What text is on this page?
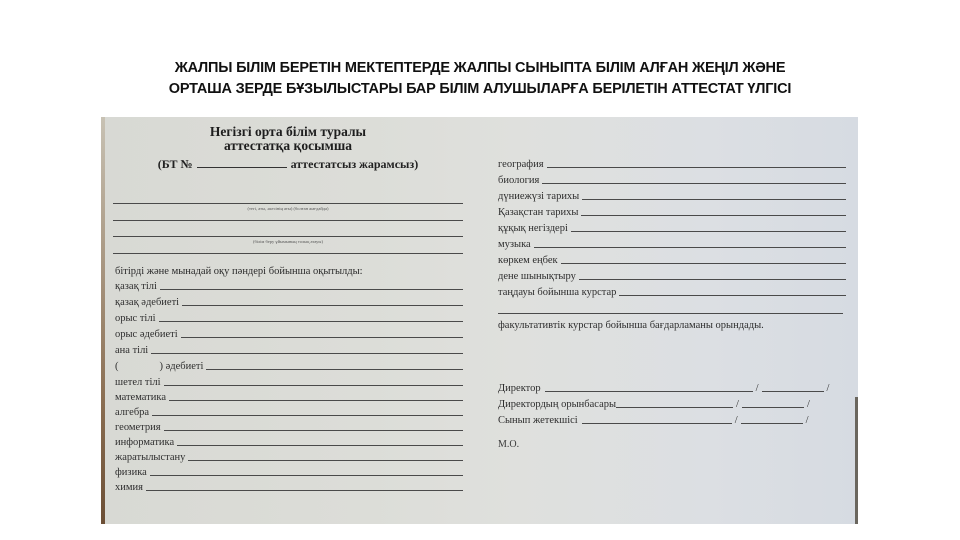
ЖАЛПЫ БІЛІМ БЕРЕТІН МЕКТЕПТЕРДЕ ЖАЛПЫ СЫНЫПТА БІЛІМ АЛҒАН ЖЕҢІЛ ЖӘНЕ
ОРТАША ЗЕРДЕ БҰЗЫЛЫСТАРЫ БАР БІЛІМ АЛУШЫЛАРҒА БЕРІЛЕТІН АТТЕСТАТ ҮЛГІСІ
⠀
Негізгі орта білім туралы
аттестатқа қосымша
(БТ №	аттестатсыз жарамсыз)
(тегі, аты, әкесінің аты) (болған жағдайда)
(білім беру ұйымының толық атауы)
бітірді және мынадай оқу пәндері бойынша оқытылды:
қазақ тілі
қазақ әдебиеті
орыс тілі
орыс әдебиеті
ана тілі
(	) әдебиеті
шетел тілі
математика
алгебра
геометрия
информатика
жаратылыстану
физика
химия
география
биология
дүниежүзі тарихы
Қазақстан тарихы
құқық негіздері
музыка
көркем еңбек
дене шынықтыру
таңдауы бойынша курстар
факультативтік курстар бойынша бағдарламаны орындады.
Директор	/	/
Директордың орынбасары	/	/
Сынып жетекшісі	/	/
М.О.
